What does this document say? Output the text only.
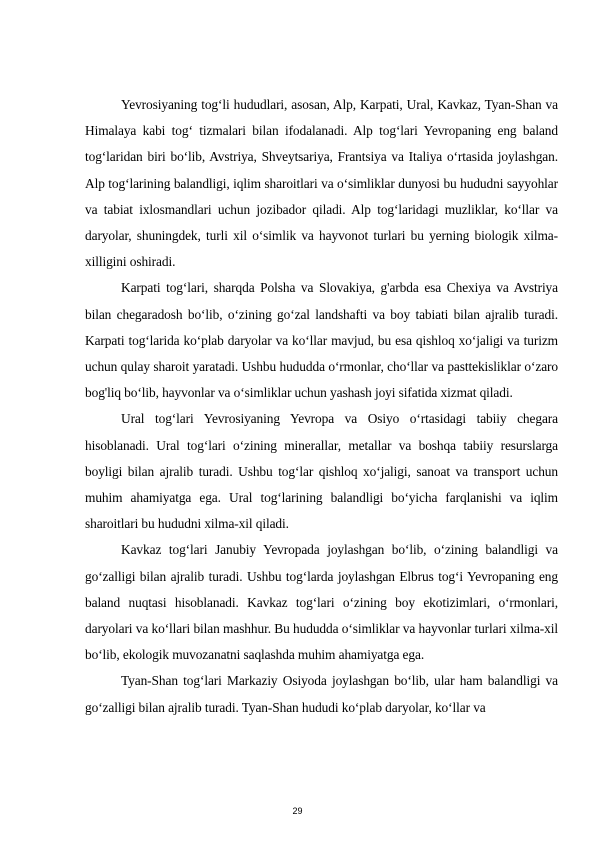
Yevrosiyaning tog‘li hududlari, asosan, Alp, Karpati, Ural, Kavkaz, Tyan-Shan va Himalaya kabi tog‘ tizmalari bilan ifodalanadi. Alp tog‘lari Yevropaning eng baland tog‘laridan biri bo‘lib, Avstriya, Shveytsariya, Frantsiya va Italiya o‘rtasida joylashgan. Alp tog‘larining balandligi, iqlim sharoitlari va o‘simliklar dunyosi bu hududni sayyohlar va tabiat ixlosmandlari uchun jozibador qiladi. Alp tog‘laridagi muzliklar, ko‘llar va daryolar, shuningdek, turli xil o‘simlik va hayvonot turlari bu yerning biologik xilma-xilligini oshiradi.

Karpati tog‘lari, sharqda Polsha va Slovakiya, g'arbda esa Chexiya va Avstriya bilan chegaradosh bo‘lib, o‘zining go‘zal landshafti va boy tabiati bilan ajralib turadi. Karpati tog‘larida ko‘plab daryolar va ko‘llar mavjud, bu esa qishloq xo‘jaligi va turizm uchun qulay sharoit yaratadi. Ushbu hududda o‘rmonlar, cho‘llar va pasttekisliklar o‘zaro bog'liq bo‘lib, hayvonlar va o‘simliklar uchun yashash joyi sifatida xizmat qiladi.

Ural tog‘lari Yevrosiyaning Yevropa va Osiyo o‘rtasidagi tabiiy chegara hisoblanadi. Ural tog‘lari o‘zining minerallar, metallar va boshqa tabiiy resurslarga boyligi bilan ajralib turadi. Ushbu tog‘lar qishloq xo‘jaligi, sanoat va transport uchun muhim ahamiyatga ega. Ural tog‘larining balandligi bo‘yicha farqlanishi va iqlim sharoitlari bu hududni xilma-xil qiladi.

Kavkaz tog‘lari Janubiy Yevropada joylashgan bo‘lib, o‘zining balandligi va go‘zalligi bilan ajralib turadi. Ushbu tog‘larda joylashgan Elbrus tog‘i Yevropaning eng baland nuqtasi hisoblanadi. Kavkaz tog‘lari o‘zining boy ekotizimlari, o‘rmonlari, daryolari va ko‘llari bilan mashhur. Bu hududda o‘simliklar va hayvonlar turlari xilma-xil bo‘lib, ekologik muvozanatni saqlashda muhim ahamiyatga ega.

Tyan-Shan tog‘lari Markaziy Osiyoda joylashgan bo‘lib, ular ham balandligi va go‘zalligi bilan ajralib turadi. Tyan-Shan hududi ko‘plab daryolar, ko‘llar va

29
